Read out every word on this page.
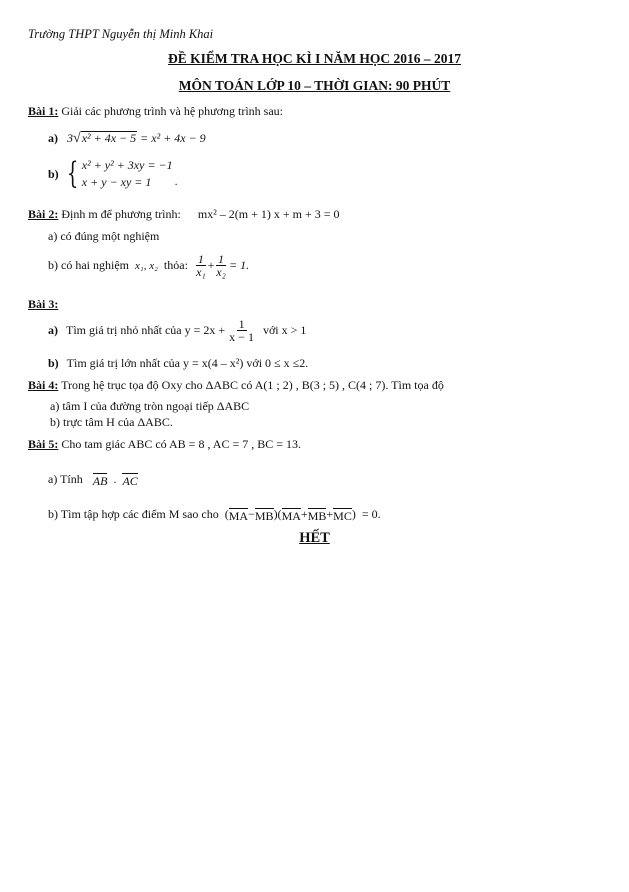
Trường THPT Nguyễn thị Minh Khai
ĐỀ KIỂM TRA HỌC KÌ I NĂM HỌC 2016 – 2017
MÔN TOÁN LỚP 10 – THỜI GIAN: 90 PHÚT
Bài 1: Giải các phương trình và hệ phương trình sau:
a) 3√x² + 4x − 5 = x² + 4x − 9
b) { x² + y² + 3xy = −1
x + y − xy = 1	.
Bài 2: Định m để phương trình: mx² – 2(m + 1) x + m + 3 = 0
a) có đúng một nghiệm
b) có hai nghiệm x₁, x₂ thỏa: $\frac{1}{\text{x₁}} + \frac{1}{\text{x₂}} = 1$.
Bài 3:
a) Tìm giá trị nhỏ nhất của $y = 2x + \frac{1}{x - 1}$ với x > 1
b) Tìm giá trị lớn nhất của y = x(4 – x²) với 0 ≤ x ≤2.
Bài 4: Trong hệ trục tọa độ Oxy cho ΔABC có A(1 ; 2) , B(3 ; 5) , C(4 ; 7). Tìm tọa độ
a) tâm I của đường tròn ngoại tiếp ΔABC
b) trực tâm H của ΔABC.
Bài 5: Cho tam giác ABC có AB = 8 , AC = 7 , BC = 13.
a) Tính AB . AC
b) Tìm tập hợp các điểm M sao cho ( MA − MB )( MA + MB + MC ) = 0.
HẾT
